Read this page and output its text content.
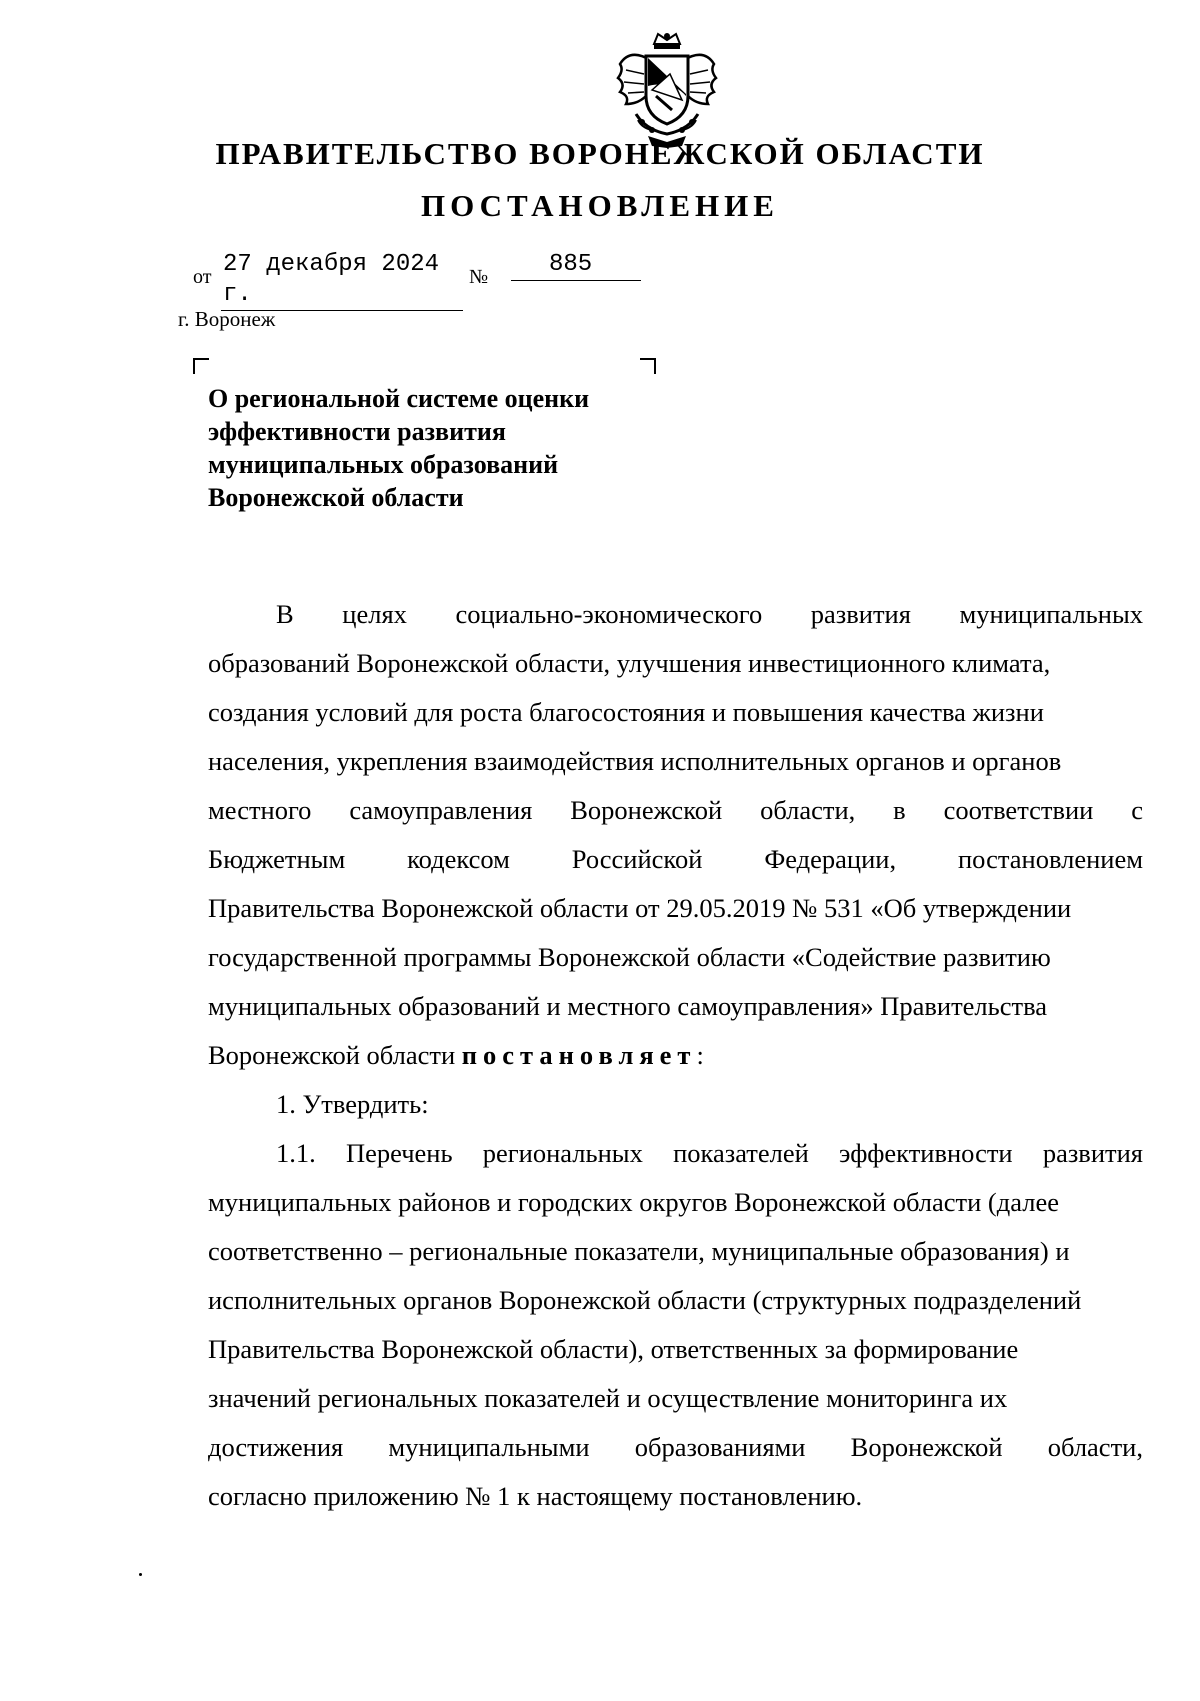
ПРАВИТЕЛЬСТВО ВОРОНЕЖСКОЙ ОБЛАСТИ
ПОСТАНОВЛЕНИЕ
от 27 декабря 2024 г.
№	885
г. Воронеж
О региональной системе оценки
эффективности развития
муниципальных образований
Воронежской области
В целях социально-экономического развития муниципальных
образований Воронежской области, улучшения инвестиционного климата,
создания условий для роста благосостояния и повышения качества жизни
населения, укрепления взаимодействия исполнительных органов и органов
местного самоуправления Воронежской области, в соответствии с
Бюджетным кодексом Российской Федерации, постановлением
Правительства Воронежской области от 29.05.2019 № 531 «Об утверждении
государственной программы Воронежской области «Содействие развитию
муниципальных образований и местного самоуправления» Правительства
Воронежской области постановляет:
1. Утвердить:
1.1. Перечень региональных показателей эффективности развития
муниципальных районов и городских округов Воронежской области (далее
соответственно – региональные показатели, муниципальные образования) и
исполнительных органов Воронежской области (структурных подразделений
Правительства Воронежской области), ответственных за формирование
значений региональных показателей и осуществление мониторинга их
достижения муниципальными образованиями Воронежской области,
согласно приложению № 1 к настоящему постановлению.
